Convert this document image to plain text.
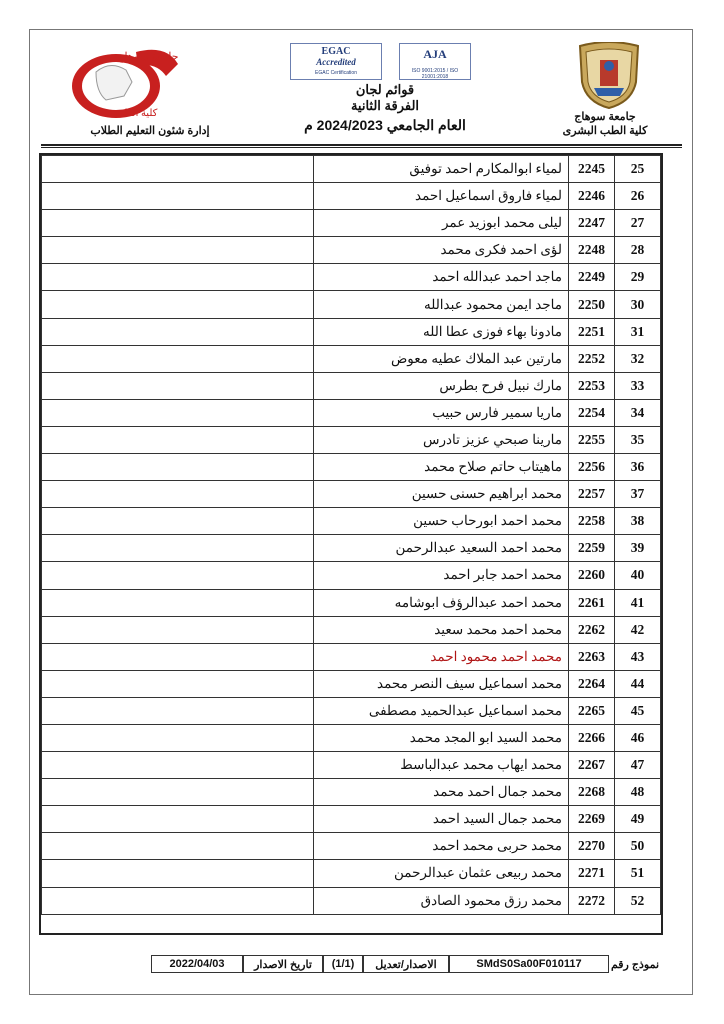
جامعة سوهاج
كلية الطب البشرى
EGAC
Accredited
EGAC Certification
AJA
ISO 9001:2015 / ISO 21001:2018
قوائم لجان
الفرقة الثانية
العام الجامعي 2024/2023 م
جامعة سوهاج
كلية الطب
إدارة شئون التعليم الطلاب
25	2245	لمياء ابوالمكارم احمد توفيق	
26	2246	لمياء فاروق اسماعيل احمد	
27	2247	ليلى محمد ابوزيد عمر	
28	2248	لؤى احمد فكرى محمد	
29	2249	ماجد احمد عبدالله احمد	
30	2250	ماجد ايمن محمود عبدالله	
31	2251	مادونا بهاء فوزى عطا الله	
32	2252	مارتين عبد الملاك عطيه معوض	
33	2253	مارك نبيل فرح بطرس	
34	2254	ماريا سمير فارس حبيب	
35	2255	مارينا صبحي عزيز تادرس	
36	2256	ماهيتاب حاتم صلاح محمد	
37	2257	محمد ابراهيم حسنى حسين	
38	2258	محمد احمد ابورحاب حسين	
39	2259	محمد احمد السعيد عبدالرحمن	
40	2260	محمد احمد جابر احمد	
41	2261	محمد احمد عبدالرؤف ابوشامه	
42	2262	محمد احمد محمد سعيد	
43	2263	محمد احمد محمود احمد	
44	2264	محمد اسماعيل سيف النصر محمد	
45	2265	محمد اسماعيل عبدالحميد مصطفى	
46	2266	محمد السيد ابو المجد محمد	
47	2267	محمد ايهاب محمد عبدالباسط	
48	2268	محمد جمال احمد محمد	
49	2269	محمد جمال السيد احمد	
50	2270	محمد حربى محمد احمد	
51	2271	محمد ربيعى عثمان عبدالرحمن	
52	2272	محمد رزق محمود الصادق	
نموذج رقم
SMdS0Sa00F010117
الاصدار/تعديل
(1/1)
تاريخ الاصدار
2022/04/03
